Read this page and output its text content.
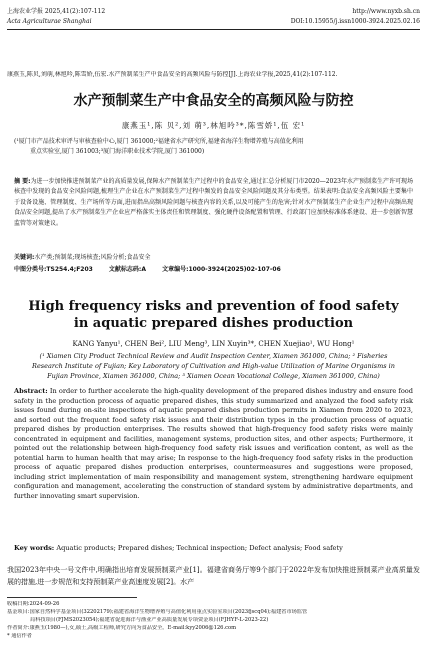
上海农业学报 2025,41(2):107-112	http://www.nyxb.sh.cn
Acta Agriculturae Shanghai	DOI:10.15955/j.issn1000-3924.2025.02.16
康燕玉,陈贝,刘萌,林旭吟,陈雪娇,伍宏.水产预制菜生产中食品安全的高频风险与防控[J].上海农业学报,2025,41(2):107-112.
水产预制菜生产中食品安全的高频风险与防控
康燕玉¹,陈 贝²,刘 萌³,林旭吟³*,陈雪娇¹,伍 宏¹
(¹厦门市产品技术审评与审核查验中心,厦门 361000;²福建省水产研究所,福建省海洋生物增养殖与高值化利用
重点实验室,厦门 361003;³厦门海洋职业技术学院,厦门 361000)
摘 要:为进一步加快推进预制菜产业的高质量发展,保障水产预制菜生产过程中的食品安全,通过汇总分析厦门市2020—2023年水产预制菜生产许可现场核查中发现的食品安全风险问题,梳理生产企业在水产预制菜生产过程中频发的食品安全风险问题及其分布类型。结果表明:食品安全高频风险主要集中于设备设施、管理制度、生产场所等方面,进而指出高频风险问题与核查内容的关系,以及可能产生的危害;针对水产预制菜生产企业生产过程中高频出现食品安全问题,提出了水产预制菜生产企业应严格落实主体责任和管理制度、强化硬件设备配置和管理、行政部门应加快标准体系建设、进一步创新智慧监管等对策建议。
关键词:水产类;预制菜;现场核查;风险分析;食品安全
中图分类号:TS254.4;F203	文献标志码:A	文章编号:1000-3924(2025)02-107-06
High frequency risks and prevention of food safety
in aquatic prepared dishes production
KANG Yanyu¹, CHEN Bei², LIU Meng³, LIN Xuyin³*, CHEN Xuejiao¹, WU Hong¹
(¹ Xiamen City Product Technical Review and Audit Inspection Center, Xiamen 361000, China; ² Fisheries Research Institute of Fujian; Key Laboratory of Cultivation and High-value Utilization of Marine Organisms in Fujian Province, Xiamen 361000, China; ³ Xiamen Ocean Vocational College, Xiamen 361000, China)
Abstract: In order to further accelerate the high-quality development of the prepared dishes industry and ensure food safety in the production process of aquatic prepared dishes, this study summarized and analyzed the food safety risk issues found during on-site inspections of aquatic prepared dishes production permits in Xiamen from 2020 to 2023, and sorted out the frequent food safety risk issues and their distribution types in the production process of aquatic prepared dishes by production enterprises. The results showed that high-frequency food safety risks were mainly concentrated in equipment and facilities, management systems, production sites, and other aspects; Furthermore, it pointed out the relationship between high-frequency food safety risk issues and verification content, as well as the potential harm to human health that may arise; In response to the high-frequency food safety risks in the production process of aquatic prepared dishes production enterprises, countermeasures and suggestions were proposed, including strict implementation of main responsibility and management system, strengthening hardware equipment configuration and management, accelerating the construction of standard system by administrative departments, and further innovating smart supervision.
Key words: Aquatic products; Prepared dishes; Technical inspection; Defect analysis; Food safety
我国2023年中央一号文件中,明确指出培育发展预制菜产业[1]。福建省商务厅等9个部门于2022年发布加快推进预制菜产业高质量发展的措施,进一步规范和支持预制菜产业高速度发展[2]。水产
收稿日期:2024-09-26
基金项目:国家自然科学基金项目(32202179);福建省海洋生物增养殖与高值化利用重点实验室项目(2023fjscq04);福建省市场监管
局科技项目(FJMS2023054);福建省促进海洋与渔业产业高质量发展专项资金项目(FJHYF-L-2023-22)
作者简介:康燕玉(1980—),女,硕士,高级工程师,研究方向为食品安全。E-mail:kyy2006@126.com
* 通信作者
